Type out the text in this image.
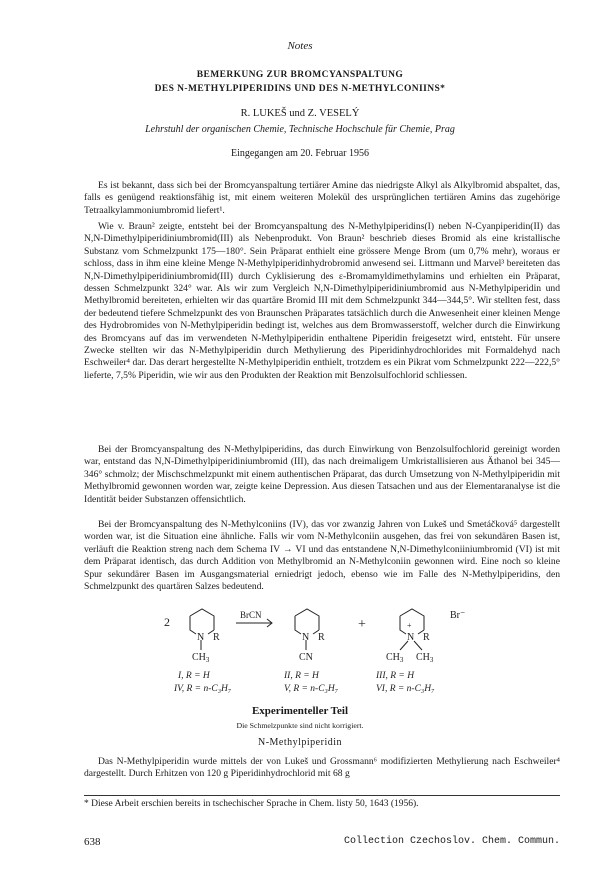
Notes
BEMERKUNG ZUR BROMCYANSPALTUNG
DES N-METHYLPIPERIDINS UND DES N-METHYLCONIINS*
R. LUKEŠ und Z. VESELÝ
Lehrstuhl der organischen Chemie, Technische Hochschule für Chemie, Prag
Eingegangen am 20. Februar 1956

Es ist bekannt, dass sich bei der Bromcyanspaltung tertiärer Amine das niedrigste Alkyl als Alkylbromid abspaltet, das, falls es genügend reaktionsfähig ist, mit einem weiteren Molekül des ursprünglichen tertiären Amins das zugehörige Tetraalkylammoniumbromid liefert¹.

Wie v. Braun² zeigte, entsteht bei der Bromcyanspaltung des N-Methylpiperidins(I) neben N-Cyanpiperidin(II) das N,N-Dimethylpiperidiniumbromid(III) als Nebenprodukt. Von Braun² beschrieb dieses Bromid als eine kristallische Substanz vom Schmelzpunkt 175—180°. Sein Präparat enthielt eine grössere Menge Brom (um 0,7% mehr), woraus er schloss, dass in ihm eine kleine Menge N-Methylpiperidinhydrobromid anwesend sei. Littmann und Marvel³ bereiteten das N,N-Dimethylpiperidiniumbromid(III) durch Cyklisierung des ε-Bromamyldimethylamins und erhielten ein Präparat, dessen Schmelzpunkt 324° war. Als wir zum Vergleich N,N-Dimethylpiperidiniumbromid aus N-Methylpiperidin und Methylbromid bereiteten, erhielten wir das quartäre Bromid III mit dem Schmelzpunkt 344—344,5°. Wir stellten fest, dass der bedeutend tiefere Schmelzpunkt des von Braunschen Präparates tatsächlich durch die Anwesenheit einer kleinen Menge des Hydrobromides von N-Methylpiperidin bedingt ist, welches aus dem Bromwasserstoff, welcher durch die Einwirkung des Bromcyans auf das im verwendeten N-Methylpiperidin enthaltene Piperidin freigesetzt wird, entsteht. Für unsere Zwecke stellten wir das N-Methylpiperidin durch Methylierung des Piperidinhydrochlorides mit Formaldehyd nach Eschweiler⁴ dar. Das derart hergestellte N-Methylpiperidin enthielt, trotzdem es ein Pikrat vom Schmelzpunkt 222—222,5° lieferte, 7,5% Piperidin, wie wir aus den Produkten der Reaktion mit Benzolsulfochlorid schliessen.

Bei der Bromcyanspaltung des N-Methylpiperidins, das durch Einwirkung von Benzolsulfochlorid gereinigt worden war, entstand das N,N-Dimethylpiperidiniumbromid (III), das nach dreimaligem Umkristallisieren aus Äthanol bei 345—346° schmolz; der Mischschmelzpunkt mit einem authentischen Präparat, das durch Umsetzung von N-Methylpiperidin mit Methylbromid gewonnen worden war, zeigte keine Depression. Aus diesen Tatsachen und aus der Elementaranalyse ist die Identität beider Substanzen offensichtlich.

Bei der Bromcyanspaltung des N-Methylconiins (IV), das vor zwanzig Jahren von Lukeš und Smetáčková⁵ dargestellt worden war, ist die Situation eine ähnliche. Falls wir vom N-Methylconiin ausgehen, das frei von sekundären Basen ist, verläuft die Reaktion streng nach dem Schema IV → VI und das entstandene N,N-Dimethylconiiniumbromid (VI) ist mit dem Präparat identisch, das durch Addition von Methylbromid an N-Methylconiin gewonnen wird. Eine noch so kleine Spur sekundärer Basen im Ausgangsmaterial erniedrigt jedoch, ebenso wie im Falle des N-Methylpiperidins, den Schmelzpunkt des quartären Salzes bedeutend.

2
N R
$CH_3$
BrCN
N R
CN
+	+
N R
Br⁻
$CH_3$ $CH_3$
I, R = H
IV, R = n-C₃H₇
II, R = H
V, R = n-C₃H₇
III, R = H
VI, R = n-C₃H₇
Experimenteller Teil
Die Schmelzpunkte sind nicht korrigiert.
N-Methylpiperidin

Das N-Methylpiperidin wurde mittels der von Lukeš und Grossmann⁶ modifizierten Methylierung nach Eschweiler⁴ dargestellt. Durch Erhitzen von 120 g Piperidinhydrochlorid mit 68 g

* Diese Arbeit erschien bereits in tschechischer Sprache in Chem. listy 50, 1643 (1956).
638	Collection Czechoslov. Chem. Commun.
